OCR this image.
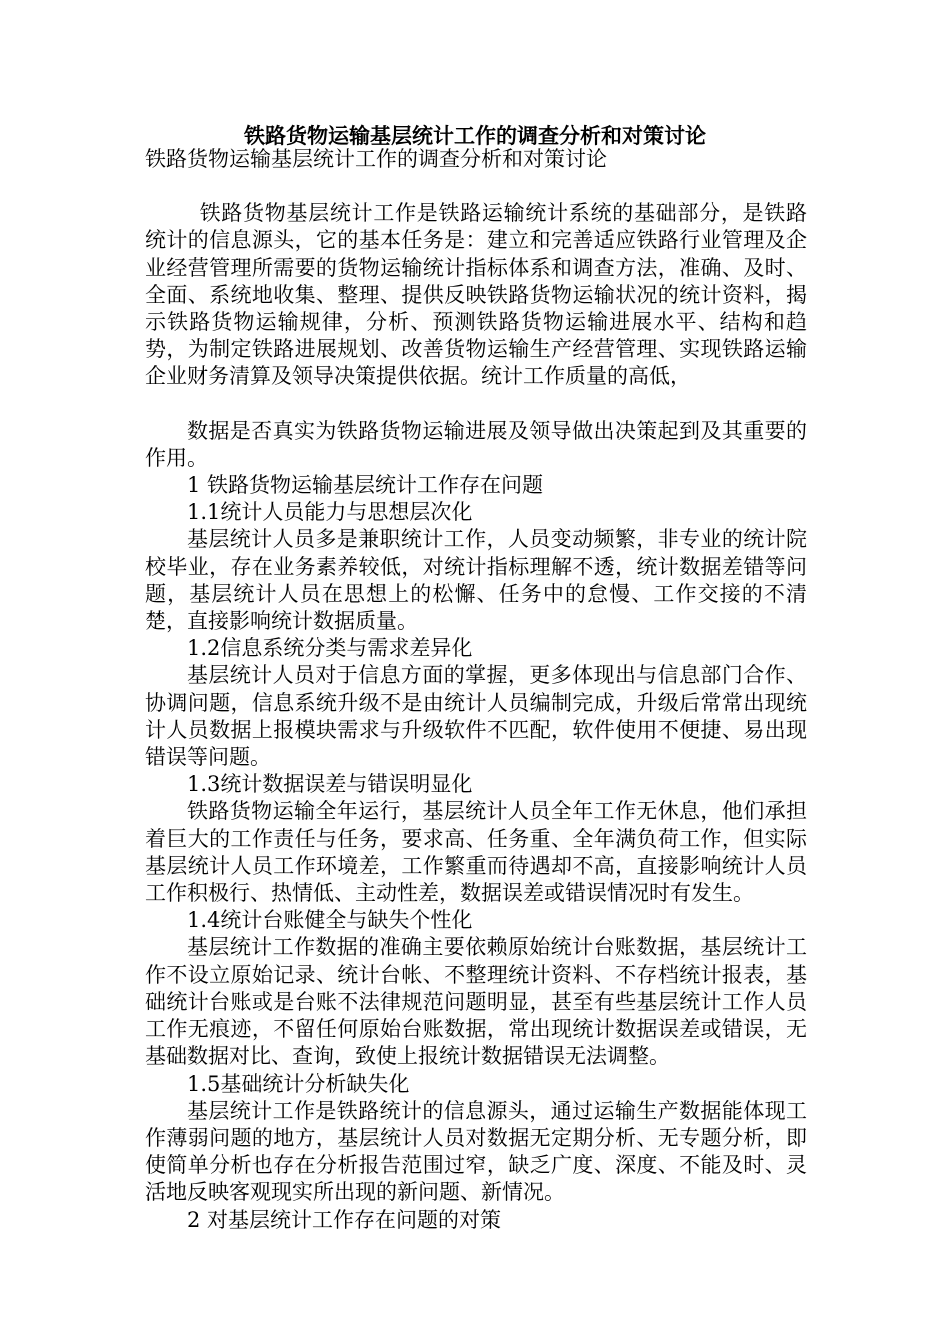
铁路货物运输基层统计工作的调查分析和对策讨论

铁路货物运输基层统计工作的调查分析和对策讨论

铁路货物基层统计工作是铁路运输统计系统的基础部分，是铁路统计的信息源头，它的基本任务是：建立和完善适应铁路行业管理及企业经营管理所需要的货物运输统计指标体系和调查方法，准确、及时、全面、系统地收集、整理、提供反映铁路货物运输状况的统计资料，揭示铁路货物运输规律，分析、预测铁路货物运输进展水平、结构和趋势，为制定铁路进展规划、改善货物运输生产经营管理、实现铁路运输企业财务清算及领导决策提供依据。统计工作质量的高低，

数据是否真实为铁路货物运输进展及领导做出决策起到及其重要的作用。

1 铁路货物运输基层统计工作存在问题

1.1统计人员能力与思想层次化

基层统计人员多是兼职统计工作，人员变动频繁，非专业的统计院校毕业，存在业务素养较低，对统计指标理解不透，统计数据差错等问题，基层统计人员在思想上的松懈、任务中的怠慢、工作交接的不清楚，直接影响统计数据质量。

1.2信息系统分类与需求差异化

基层统计人员对于信息方面的掌握，更多体现出与信息部门合作、协调问题，信息系统升级不是由统计人员编制完成，升级后常常出现统计人员数据上报模块需求与升级软件不匹配，软件使用不便捷、易出现错误等问题。

1.3统计数据误差与错误明显化

铁路货物运输全年运行，基层统计人员全年工作无休息，他们承担着巨大的工作责任与任务，要求高、任务重、全年满负荷工作，但实际基层统计人员工作环境差，工作繁重而待遇却不高，直接影响统计人员工作积极行、热情低、主动性差，数据误差或错误情况时有发生。

1.4统计台账健全与缺失个性化

基层统计工作数据的准确主要依赖原始统计台账数据，基层统计工作不设立原始记录、统计台帐、不整理统计资料、不存档统计报表，基础统计台账或是台账不法律规范问题明显，甚至有些基层统计工作人员工作无痕迹，不留任何原始台账数据，常出现统计数据误差或错误，无基础数据对比、查询，致使上报统计数据错误无法调整。

1.5基础统计分析缺失化

基层统计工作是铁路统计的信息源头，通过运输生产数据能体现工作薄弱问题的地方，基层统计人员对数据无定期分析、无专题分析，即使简单分析也存在分析报告范围过窄，缺乏广度、深度、不能及时、灵活地反映客观现实所出现的新问题、新情况。

2 对基层统计工作存在问题的对策
